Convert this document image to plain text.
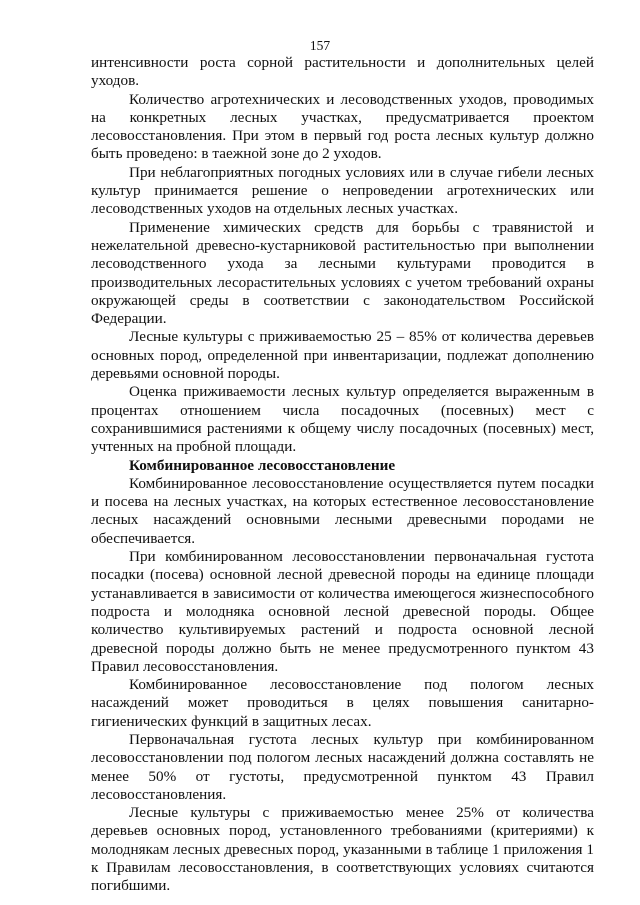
157

интенсивности роста сорной растительности и дополнительных целей уходов.

Количество агротехнических и лесоводственных уходов, проводимых на конкретных лесных участках, предусматривается проектом лесовосстановления. При этом в первый год роста лесных культур должно быть проведено: в таежной зоне до 2 уходов.

При неблагоприятных погодных условиях или в случае гибели лесных культур принимается решение о непроведении агротехнических или лесоводственных уходов на отдельных лесных участках.

Применение химических средств для борьбы с травянистой и нежелательной древесно-кустарниковой растительностью при выполнении лесоводственного ухода за лесными культурами проводится в производительных лесорастительных условиях с учетом требований охраны окружающей среды в соответствии с законодательством Российской Федерации.

Лесные культуры с приживаемостью 25 – 85% от количества деревьев основных пород, определенной при инвентаризации, подлежат дополнению деревьями основной породы.

Оценка приживаемости лесных культур определяется выраженным в процентах отношением числа посадочных (посевных) мест с сохранившимися растениями к общему числу посадочных (посевных) мест, учтенных на пробной площади.

Комбинированное лесовосстановление

Комбинированное лесовосстановление осуществляется путем посадки и посева на лесных участках, на которых естественное лесовосстановление лесных насаждений основными лесными древесными породами не обеспечивается.

При комбинированном лесовосстановлении первоначальная густота посадки (посева) основной лесной древесной породы на единице площади устанавливается в зависимости от количества имеющегося жизнеспособного подроста и молодняка основной лесной древесной породы. Общее количество культивируемых растений и подроста основной лесной древесной породы должно быть не менее предусмотренного пунктом 43 Правил лесовосстановления.

Комбинированное лесовосстановление под пологом лесных насаждений может проводиться в целях повышения санитарно-гигиенических функций в защитных лесах.

Первоначальная густота лесных культур при комбинированном лесовосстановлении под пологом лесных насаждений должна составлять не менее 50% от густоты, предусмотренной пунктом 43 Правил лесовосстановления.

Лесные культуры с приживаемостью менее 25% от количества деревьев основных пород, установленного требованиями (критериями) к молоднякам лесных древесных пород, указанными в таблице 1 приложения 1 к Правилам лесовосстановления, в соответствующих условиях считаются погибшими.
